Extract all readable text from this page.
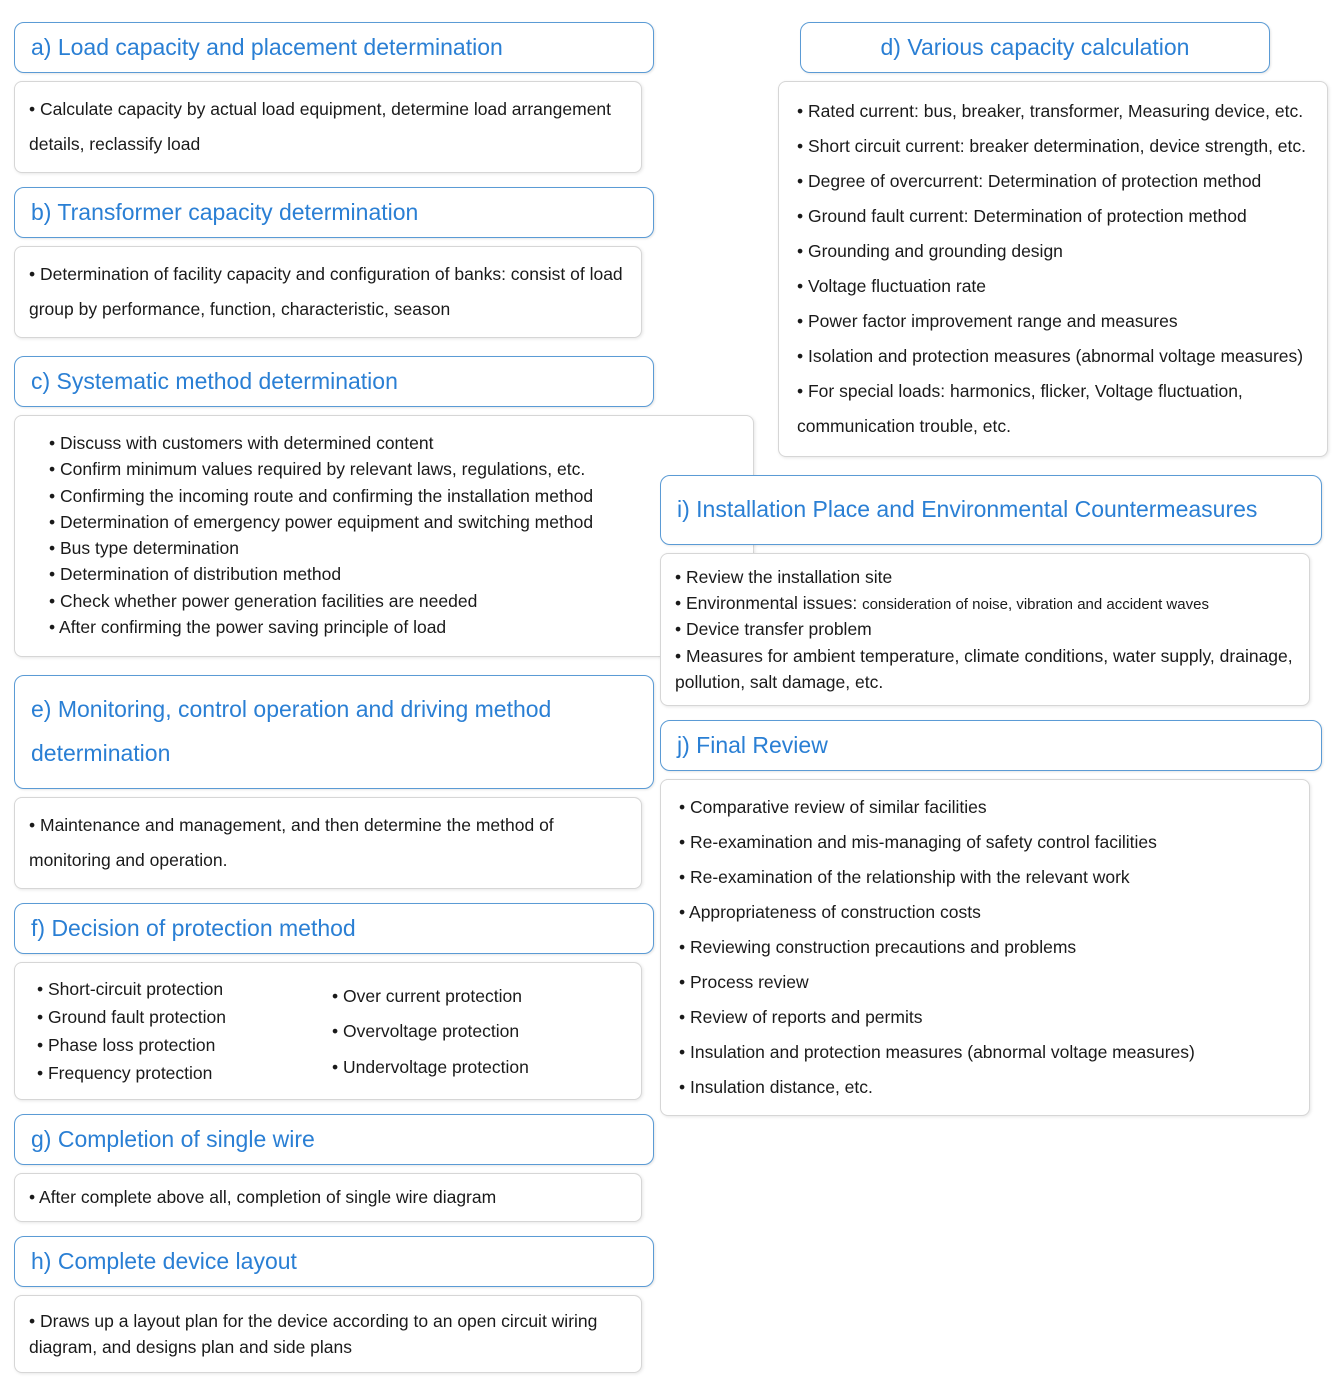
a) Load capacity and placement determination

• Calculate capacity by actual load equipment, determine load arrangement details, reclassify load

b) Transformer capacity determination

• Determination of facility capacity and configuration of banks: consist of load group by performance, function, characteristic, season

c) Systematic method determination

• Discuss with customers with determined content

• Confirm minimum values required by relevant laws, regulations, etc.

• Confirming the incoming route and confirming the installation method

• Determination of emergency power equipment and switching method

• Bus type determination

• Determination of distribution method

• Check whether power generation facilities are needed

• After confirming the power saving principle of load

e) Monitoring, control operation and driving method determination

• Maintenance and management, and then determine the method of monitoring and operation.

f) Decision of protection method

• Short-circuit protection

• Ground fault protection

• Phase loss protection

• Frequency protection

• Over current protection

• Overvoltage protection

• Undervoltage protection

g) Completion of single wire

• After complete above all, completion of single wire diagram

h) Complete device layout

• Draws up a layout plan for the device according to an open circuit wiring diagram, and designs plan and side plans

d) Various capacity calculation

• Rated current: bus, breaker, transformer, Measuring device, etc.

• Short circuit current: breaker determination, device strength, etc.

• Degree of overcurrent: Determination of protection method

• Ground fault current: Determination of protection method

• Grounding and grounding design

• Voltage fluctuation rate

• Power factor improvement range and measures

• Isolation and protection measures (abnormal voltage measures)

• For special loads: harmonics, flicker, Voltage fluctuation, communication trouble, etc.

i) Installation Place and Environmental Countermeasures

• Review the installation site

• Environmental issues: consideration of noise, vibration and accident waves

• Device transfer problem

• Measures for ambient temperature, climate conditions, water supply, drainage, pollution, salt damage, etc.

j) Final Review

• Comparative review of similar facilities

• Re-examination and mis-managing of safety control facilities

• Re-examination of the relationship with the relevant work

• Appropriateness of construction costs

• Reviewing construction precautions and problems

• Process review

• Review of reports and permits

• Insulation and protection measures (abnormal voltage measures)

• Insulation distance, etc.
